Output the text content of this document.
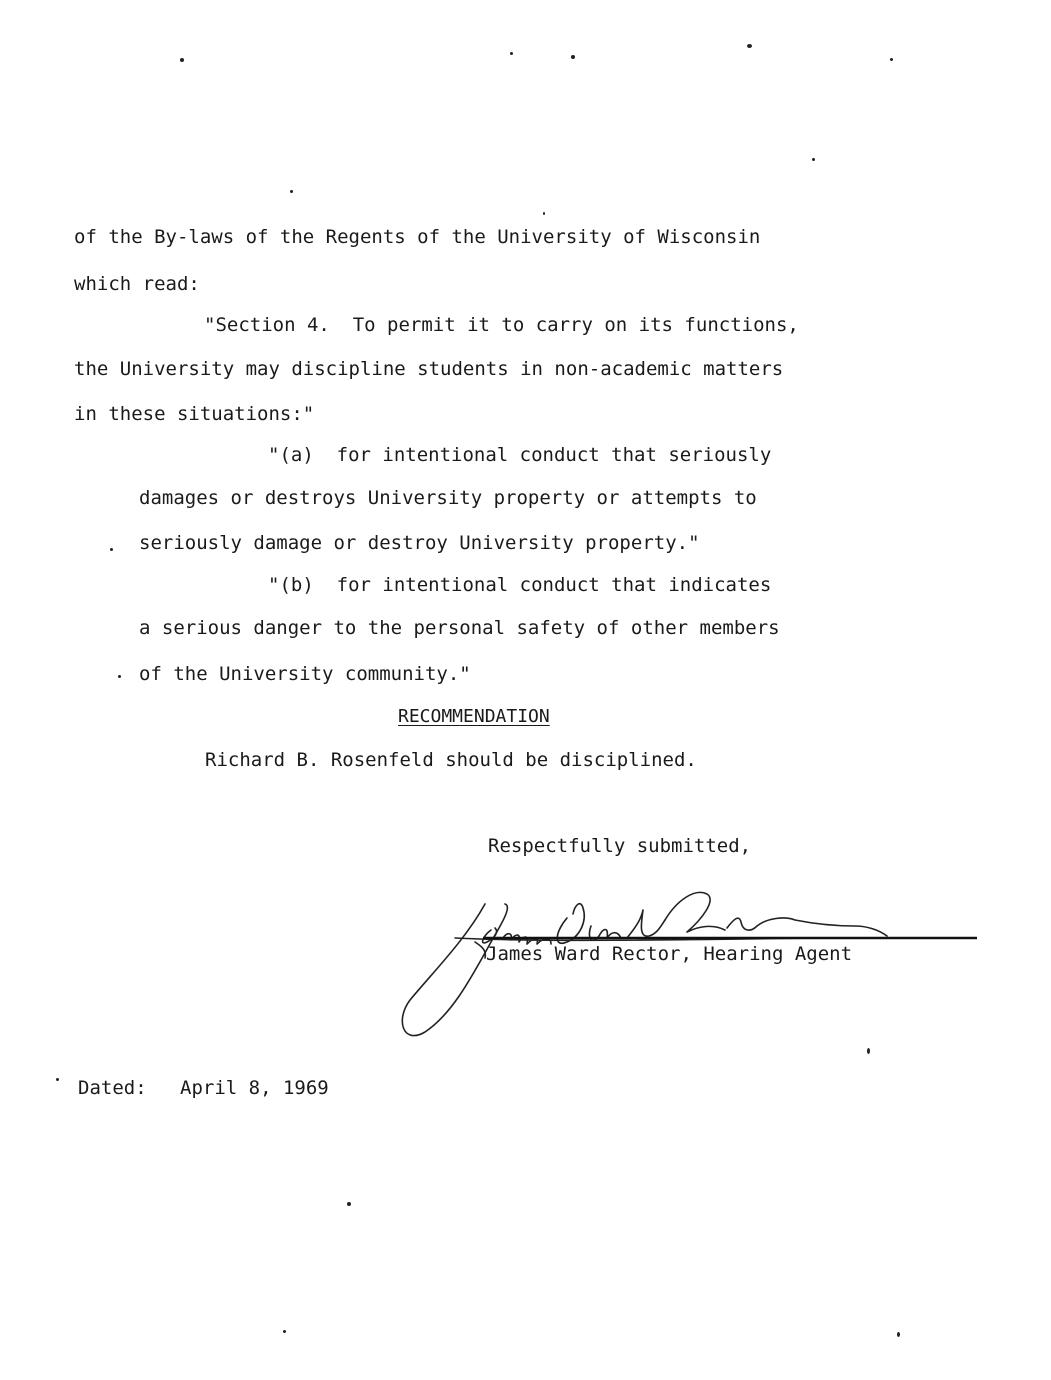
of the By-laws of the Regents of the University of Wisconsin
which read:
"Section 4.  To permit it to carry on its functions,
the University may discipline students in non-academic matters
in these situations:"
"(a)  for intentional conduct that seriously
damages or destroys University property or attempts to
seriously damage or destroy University property."
"(b)  for intentional conduct that indicates
a serious danger to the personal safety of other members
of the University community."
RECOMMENDATION
Richard B. Rosenfeld should be disciplined.
Respectfully submitted,
James Ward Rector, Hearing Agent
Dated: April 8, 1969
